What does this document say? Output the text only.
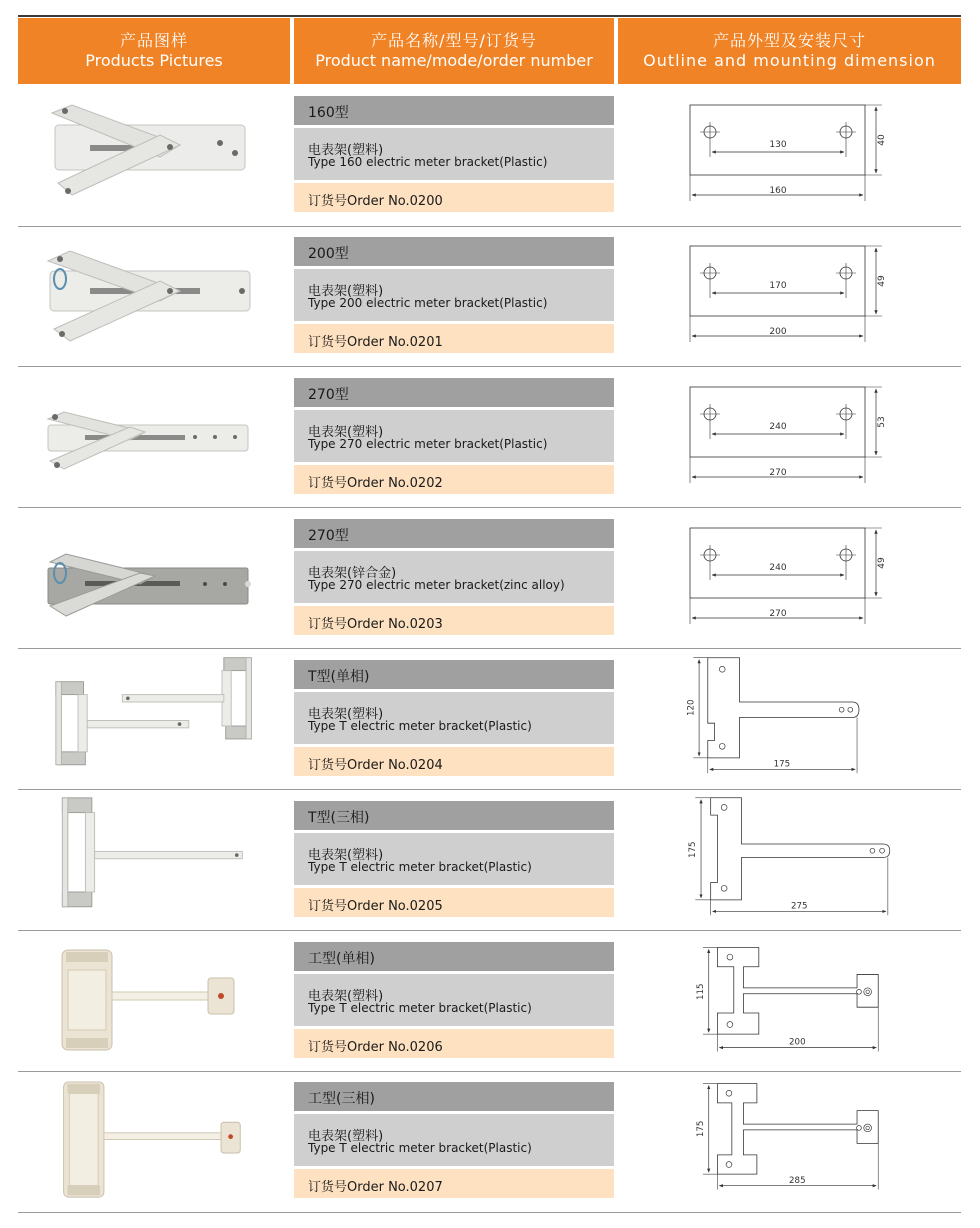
产品图样
Products Pictures
产品名称/型号/订货号
Product name/mode/order number
产品外型及安装尺寸
Outline and mounting dimension
160型
电表架(塑料)
Type 160 electric meter bracket(Plastic)
订货号Order No.0200
130
160
40
200型
电表架(塑料)
Type 200 electric meter bracket(Plastic)
订货号Order No.0201
170
200
49
270型
电表架(塑料)
Type 270 electric meter bracket(Plastic)
订货号Order No.0202
240
270
53
270型
电表架(锌合金)
Type 270 electric meter bracket(zinc alloy)
订货号Order No.0203
240
270
49
T型(单相)
电表架(塑料)
Type T electric meter bracket(Plastic)
订货号Order No.0204
120
175
T型(三相)
电表架(塑料)
Type T electric meter bracket(Plastic)
订货号Order No.0205
175
275
工型(单相)
电表架(塑料)
Type T electric meter bracket(Plastic)
订货号Order No.0206
115
200
工型(三相)
电表架(塑料)
Type T electric meter bracket(Plastic)
订货号Order No.0207
175
285
